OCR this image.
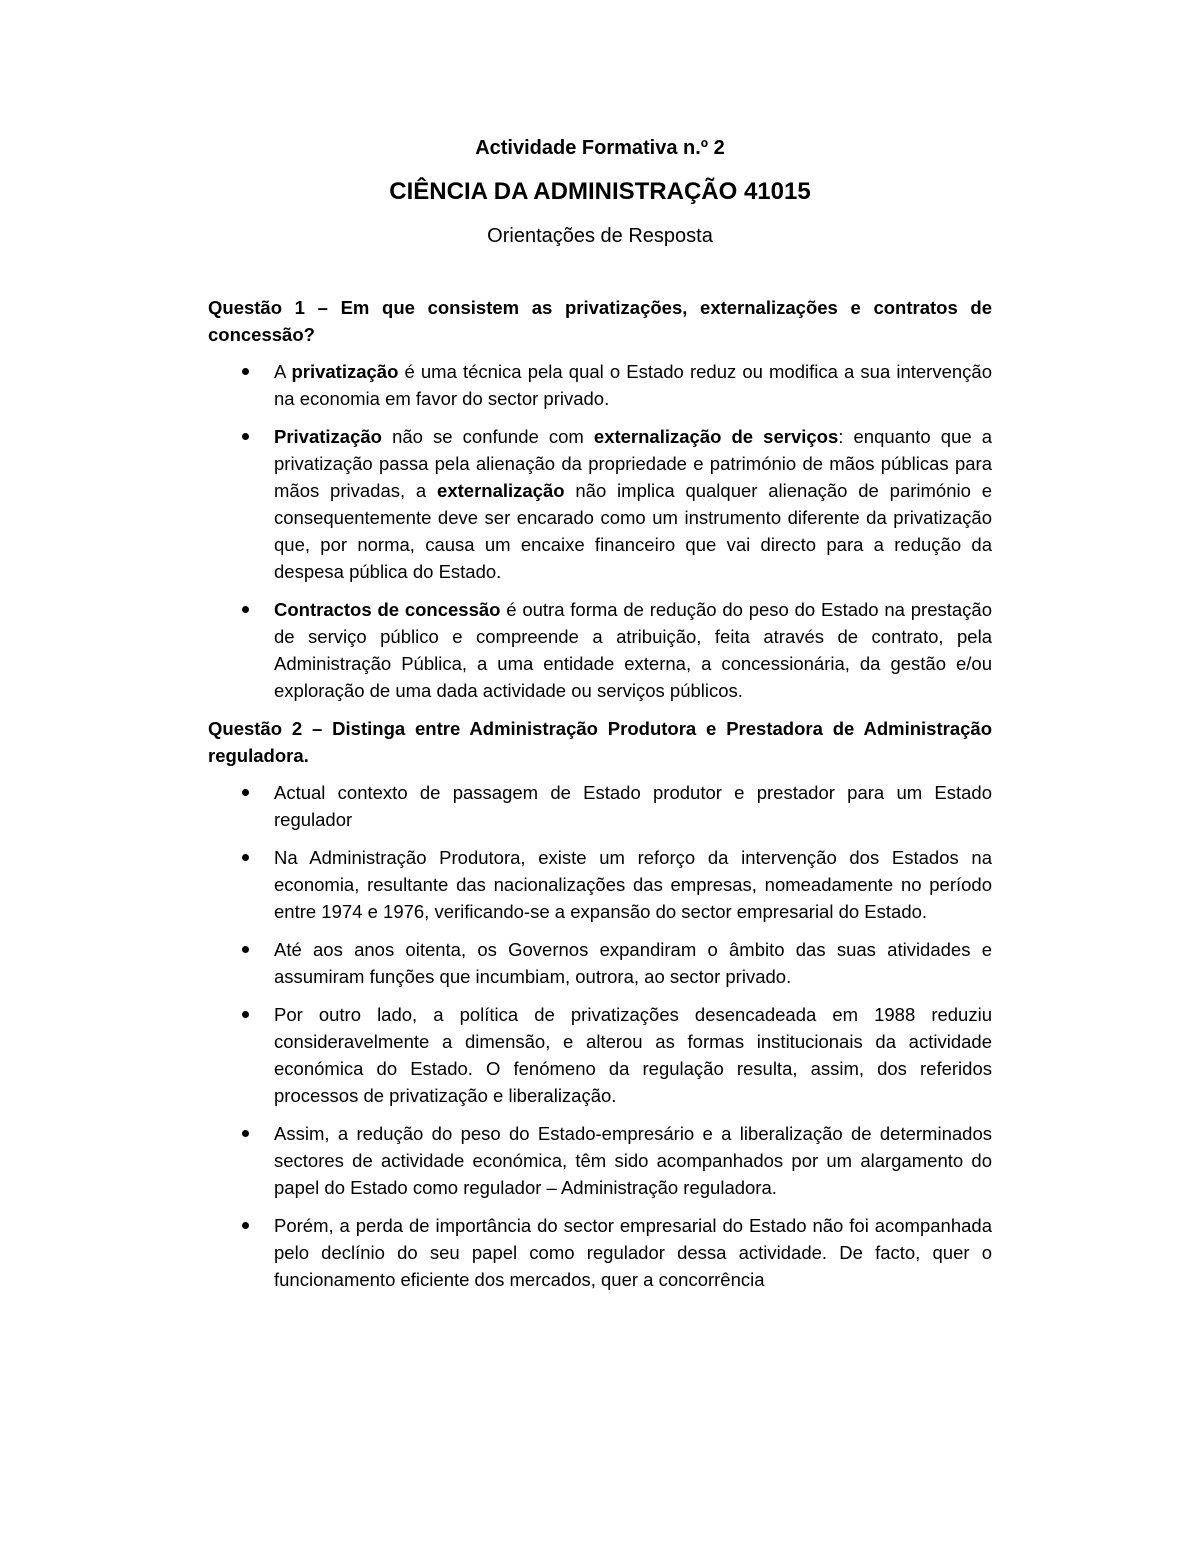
Actividade Formativa n.º 2
CIÊNCIA DA ADMINISTRAÇÃO 41015
Orientações de Resposta
Questão 1 – Em que consistem as privatizações, externalizações e contratos de concessão?
A privatização é uma técnica pela qual o Estado reduz ou modifica a sua intervenção na economia em favor do sector privado.
Privatização não se confunde com externalização de serviços: enquanto que a privatização passa pela alienação da propriedade e património de mãos públicas para mãos privadas, a externalização não implica qualquer alienação de parimónio e consequentemente deve ser encarado como um instrumento diferente da privatização que, por norma, causa um encaixe financeiro que vai directo para a redução da despesa pública do Estado.
Contractos de concessão é outra forma de redução do peso do Estado na prestação de serviço público e compreende a atribuição, feita através de contrato, pela Administração Pública, a uma entidade externa, a concessionária, da gestão e/ou exploração de uma dada actividade ou serviços públicos.
Questão 2 – Distinga entre Administração Produtora e Prestadora de Administração reguladora.
Actual contexto de passagem de Estado produtor e prestador para um Estado regulador
Na Administração Produtora, existe um reforço da intervenção dos Estados na economia, resultante das nacionalizações das empresas, nomeadamente no período entre 1974 e 1976, verificando-se a expansão do sector empresarial do Estado.
Até aos anos oitenta, os Governos expandiram o âmbito das suas atividades e assumiram funções que incumbiam, outrora, ao sector privado.
Por outro lado, a política de privatizações desencadeada em 1988 reduziu consideravelmente a dimensão, e alterou as formas institucionais da actividade económica do Estado. O fenómeno da regulação resulta, assim, dos referidos processos de privatização e liberalização.
Assim, a redução do peso do Estado-empresário e a liberalização de determinados sectores de actividade económica, têm sido acompanhados por um alargamento do papel do Estado como regulador – Administração reguladora.
Porém, a perda de importância do sector empresarial do Estado não foi acompanhada pelo declínio do seu papel como regulador dessa actividade. De facto, quer o funcionamento eficiente dos mercados, quer a concorrência
